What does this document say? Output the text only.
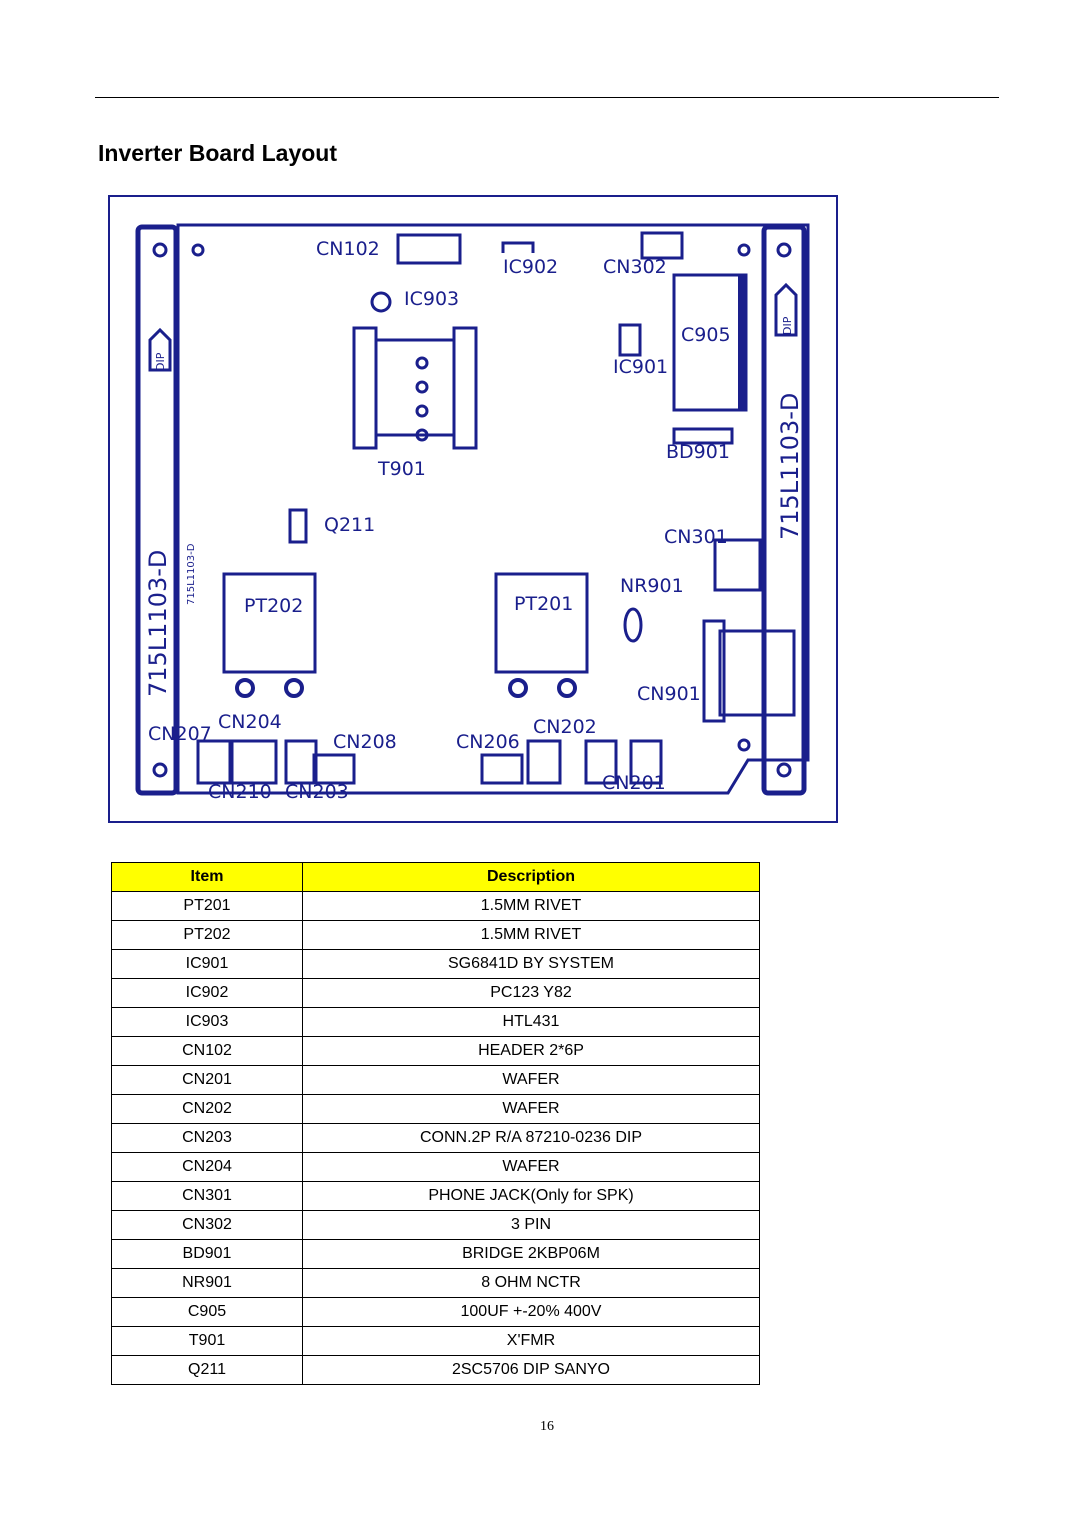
Inverter Board Layout
DIP
DIP
CN102
IC902 CN302
IC903
T901
IC901
C905
BD901 715L1103-D
715L1103-D 715L1103-D
Q211
CN301
NR901
PT202	PT201
CN901
CN207
CN204
CN208	CN206
CN202
CN210 CN203	CN201
Item	Description
PT201	1.5MM RIVET
PT202	1.5MM RIVET
IC901	SG6841D BY SYSTEM
IC902	PC123 Y82
IC903	HTL431
CN102	HEADER 2*6P
CN201	WAFER
CN202	WAFER
CN203	CONN.2P R/A 87210-0236 DIP
CN204	WAFER
CN301	PHONE JACK(Only for SPK)
CN302	3 PIN
BD901	BRIDGE 2KBP06M
NR901	8 OHM NCTR
C905	100UF +-20% 400V
T901	X'FMR
Q211	2SC5706 DIP SANYO
16
